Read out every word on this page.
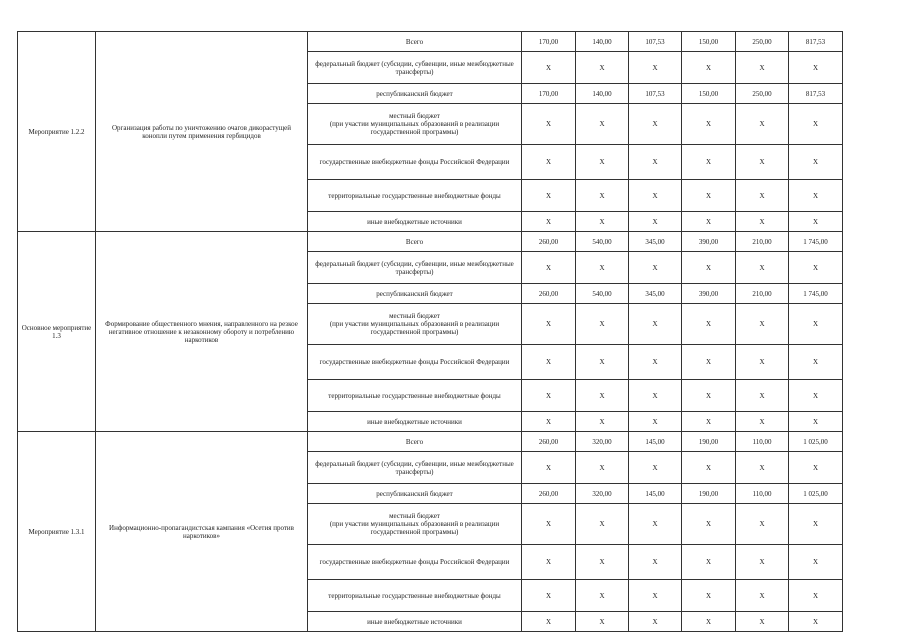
Мероприятие 1.2.2	Организация работы по уничтожению очагов дикорастущей конопли путем применения гербицидов	Всего	170,00	140,00	107,53	150,00	250,00	817,53
		федеральный бюджет (субсидии, субвенции, иные межбюджетные трансферты)	X	X	X	X	X	X
		республиканский бюджет	170,00	140,00	107,53	150,00	250,00	817,53
		местный бюджет
(при участии муниципальных образований в реализации государственной программы)	X	X	X	X	X	X
		государственные внебюджетные фонды Российской Федерации	X	X	X	X	X	X
		территориальные государственные внебюджетные фонды	X	X	X	X	X	X
		иные внебюджетные источники	X	X	X	X	X	X
Основное мероприятие 1.3	Формирование общественного мнения, направленного на резкое негативное отношение к незаконному обороту и потреблению наркотиков	Всего	260,00	540,00	345,00	390,00	210,00	1 745,00
		федеральный бюджет (субсидии, субвенции, иные межбюджетные трансферты)	X	X	X	X	X	X
		республиканский бюджет	260,00	540,00	345,00	390,00	210,00	1 745,00
		местный бюджет
(при участии муниципальных образований в реализации государственной программы)	X	X	X	X	X	X
		государственные внебюджетные фонды Российской Федерации	X	X	X	X	X	X
		территориальные государственные внебюджетные фонды	X	X	X	X	X	X
		иные внебюджетные источники	X	X	X	X	X	X
Мероприятие 1.3.1	Информационно-пропагандистская кампания «Осетия против наркотиков»	Всего	260,00	320,00	145,00	190,00	110,00	1 025,00
		федеральный бюджет (субсидии, субвенции, иные межбюджетные трансферты)	X	X	X	X	X	X
		республиканский бюджет	260,00	320,00	145,00	190,00	110,00	1 025,00
		местный бюджет
(при участии муниципальных образований в реализации государственной программы)	X	X	X	X	X	X
		государственные внебюджетные фонды Российской Федерации	X	X	X	X	X	X
		территориальные государственные внебюджетные фонды	X	X	X	X	X	X
		иные внебюджетные источники	X	X	X	X	X	X
